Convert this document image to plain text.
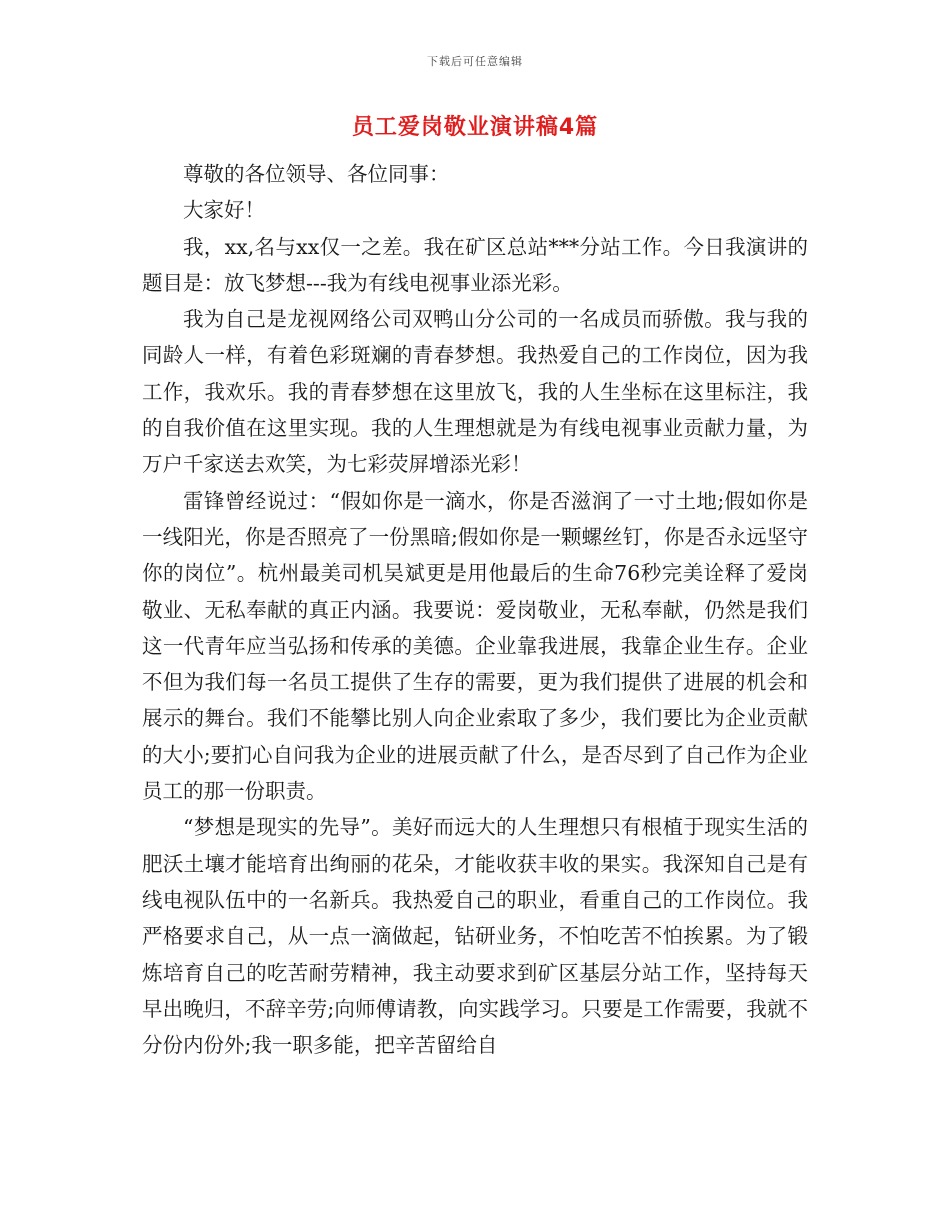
下载后可任意编辑
员工爱岗敬业演讲稿4篇

尊敬的各位领导、各位同事：

大家好！

我，xx,名与xx仅一之差。我在矿区总站***分站工作。今日我演讲的题目是：放飞梦想---我为有线电视事业添光彩。

我为自己是龙视网络公司双鸭山分公司的一名成员而骄傲。我与我的同龄人一样，有着色彩斑斓的青春梦想。我热爱自己的工作岗位，因为我工作，我欢乐。我的青春梦想在这里放飞，我的人生坐标在这里标注，我的自我价值在这里实现。我的人生理想就是为有线电视事业贡献力量，为万户千家送去欢笑，为七彩荧屏增添光彩！

雷锋曾经说过：“假如你是一滴水，你是否滋润了一寸土地;假如你是一线阳光，你是否照亮了一份黑暗;假如你是一颗螺丝钉，你是否永远坚守你的岗位”。杭州最美司机吴斌更是用他最后的生命76秒完美诠释了爱岗敬业、无私奉献的真正内涵。我要说：爱岗敬业，无私奉献，仍然是我们这一代青年应当弘扬和传承的美德。企业靠我进展，我靠企业生存。企业不但为我们每一名员工提供了生存的需要，更为我们提供了进展的机会和展示的舞台。我们不能攀比别人向企业索取了多少，我们要比为企业贡献的大小;要扪心自问我为企业的进展贡献了什么，是否尽到了自己作为企业员工的那一份职责。

“梦想是现实的先导”。美好而远大的人生理想只有根植于现实生活的肥沃土壤才能培育出绚丽的花朵，才能收获丰收的果实。我深知自己是有线电视队伍中的一名新兵。我热爱自己的职业，看重自己的工作岗位。我严格要求自己，从一点一滴做起，钻研业务，不怕吃苦不怕挨累。为了锻炼培育自己的吃苦耐劳精神，我主动要求到矿区基层分站工作，坚持每天早出晚归，不辞辛劳;向师傅请教，向实践学习。只要是工作需要，我就不分份内份外;我一职多能，把辛苦留给自
